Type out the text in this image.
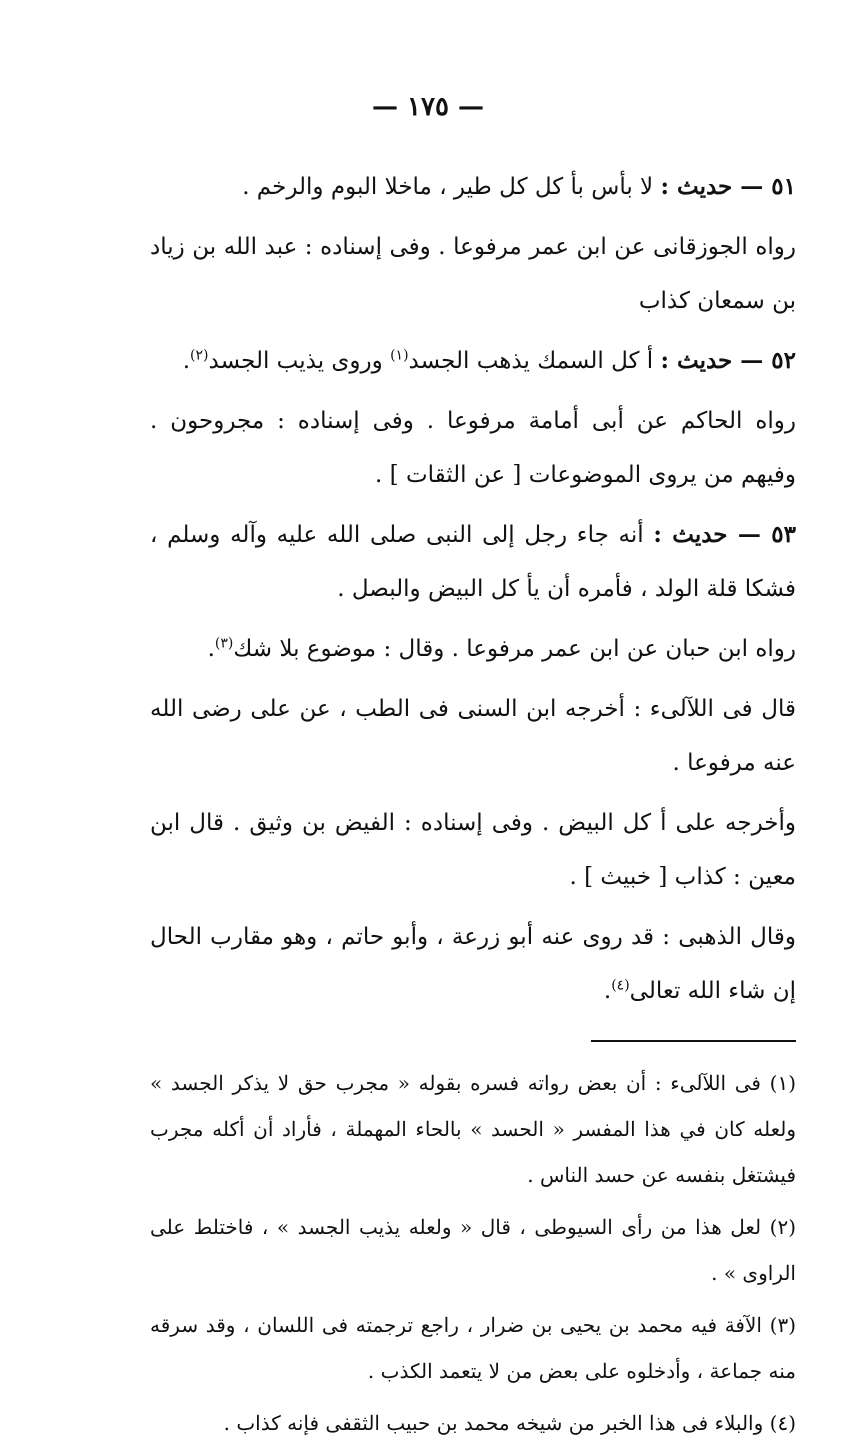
— ١٧٥ —

٥١ — حديث : لا بأس بأ كل كل طير ، ماخلا البوم والرخم .

رواه الجوزقانى عن ابن عمر مرفوعا . وفى إسناده : عبد الله بن زياد بن سمعان كذاب

٥٢ — حديث : أ كل السمك يذهب الجسد$^{(١)}$ وروى يذيب الجسد$^{(٢)}$.

رواه الحاكم عن أبى أمامة مرفوعا . وفى إسناده : مجروحون . وفيهم من يروى الموضوعات [ عن الثقات ] .

٥٣ — حديث : أنه جاء رجل إلى النبى صلى الله عليه وآله وسلم ، فشكا قلة الولد ، فأمره أن يأ كل البيض والبصل .

رواه ابن حبان عن ابن عمر مرفوعا . وقال : موضوع بلا شك$^{(٣)}$.

قال فى اللآلىء : أخرجه ابن السنى فى الطب ، عن على رضى الله عنه مرفوعا .

وأخرجه على أ كل البيض . وفى إسناده : الفيض بن وثيق . قال ابن معين : كذاب [ خبيث ] .

وقال الذهبى : قد روى عنه أبو زرعة ، وأبو حاتم ، وهو مقارب الحال إن شاء الله تعالى$^{(٤)}$.

(١) فى اللآلىء : أن بعض رواته فسره بقوله « مجرب حق لا يذكر الجسد » ولعله كان في هذا المفسر « الحسد » بالحاء المهملة ، فأراد أن أكله مجرب فيشتغل بنفسه عن حسد الناس .

(٢) لعل هذا من رأى السيوطى ، قال « ولعله يذيب الجسد » ، فاختلط على الراوى » .

(٣) الآفة فيه محمد بن يحيى بن ضرار ، راجع ترجمته فى اللسان ، وقد سرقه منه جماعة ، وأدخلوه على بعض من لا يتعمد الكذب .

(٤) والبلاء فى هذا الخبر من شيخه محمد بن حبيب الثقفى فإنه كذاب .
